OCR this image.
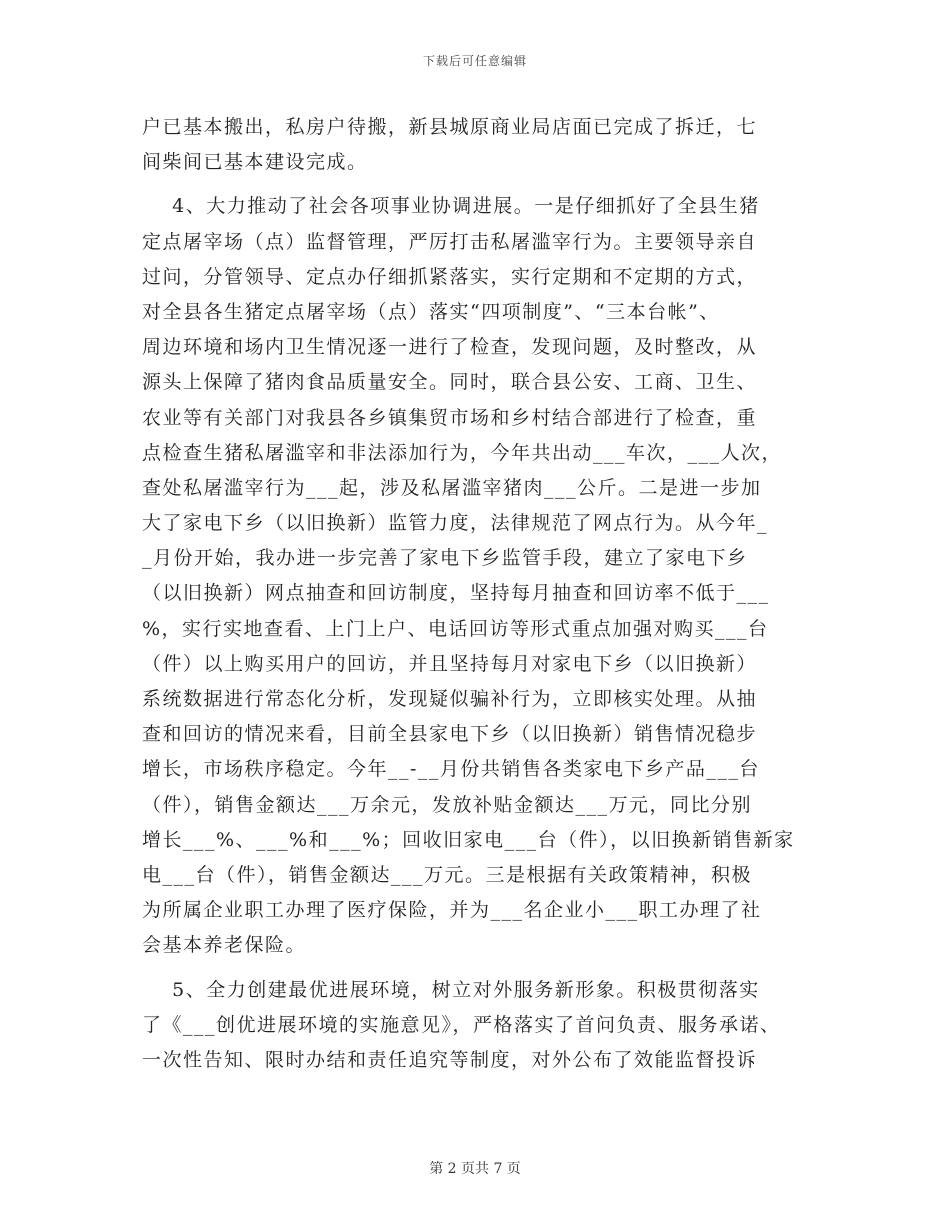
下载后可任意编辑
户已基本搬出，私房户待搬，新县城原商业局店面已完成了拆迁，七
间柴间已基本建设完成。
4、大力推动了社会各项事业协调进展。一是仔细抓好了全县生猪
定点屠宰场（点）监督管理，严厉打击私屠滥宰行为。主要领导亲自
过问，分管领导、定点办仔细抓紧落实，实行定期和不定期的方式，
对全县各生猪定点屠宰场（点）落实“四项制度”、“三本台帐”、
周边环境和场内卫生情况逐一进行了检查，发现问题，及时整改，从
源头上保障了猪肉食品质量安全。同时，联合县公安、工商、卫生、
农业等有关部门对我县各乡镇集贸市场和乡村结合部进行了检查，重
点检查生猪私屠滥宰和非法添加行为，今年共出动___车次，___人次，
查处私屠滥宰行为___起，涉及私屠滥宰猪肉___公斤。二是进一步加
大了家电下乡（以旧换新）监管力度，法律规范了网点行为。从今年_
_月份开始，我办进一步完善了家电下乡监管手段，建立了家电下乡
（以旧换新）网点抽查和回访制度，坚持每月抽查和回访率不低于___
%，实行实地查看、上门上户、电话回访等形式重点加强对购买___台
（件）以上购买用户的回访，并且坚持每月对家电下乡（以旧换新）
系统数据进行常态化分析，发现疑似骗补行为，立即核实处理。从抽
查和回访的情况来看，目前全县家电下乡（以旧换新）销售情况稳步
增长，市场秩序稳定。今年__-__月份共销售各类家电下乡产品___台
（件），销售金额达___万余元，发放补贴金额达___万元，同比分别
增长___%、___%和___%；回收旧家电___台（件），以旧换新销售新家
电___台（件），销售金额达___万元。三是根据有关政策精神，积极
为所属企业职工办理了医疗保险，并为___名企业小___职工办理了社
会基本养老保险。
5、全力创建最优进展环境，树立对外服务新形象。积极贯彻落实
了《___创优进展环境的实施意见》，严格落实了首问负责、服务承诺、
一次性告知、限时办结和责任追究等制度，对外公布了效能监督投诉
第 2 页共 7 页
